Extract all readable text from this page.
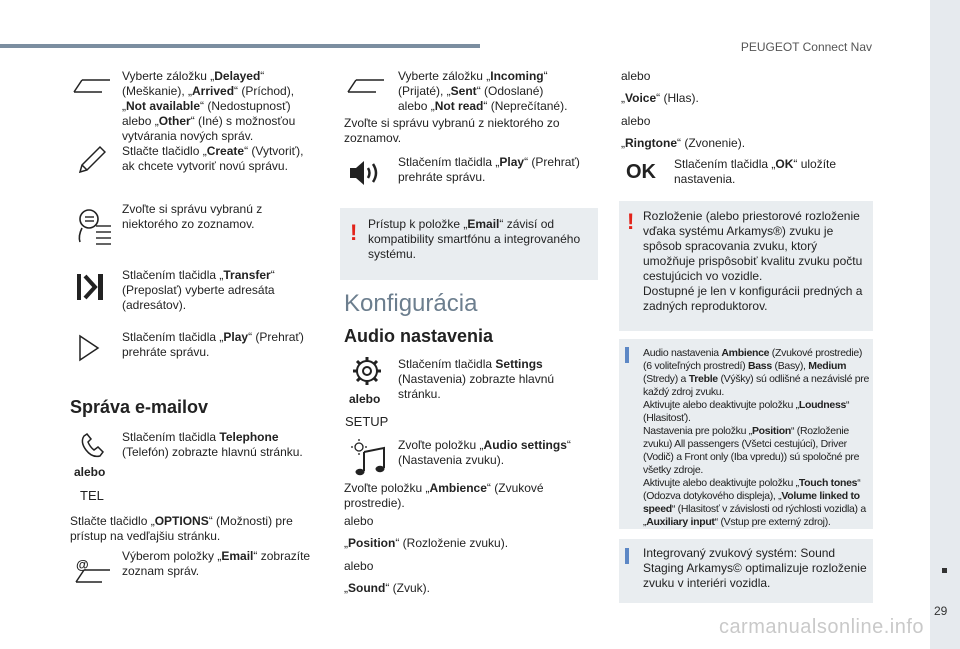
PEUGEOT Connect Nav
29
Vyberte záložku „Delayed“ (Meškanie), „Arrived“ (Príchod), „Not available“ (Nedostupnosť) alebo „Other“ (Iné) s možnosťou vytvárania nových správ.
Stlačte tlačidlo „Create“ (Vytvoriť), ak chcete vytvoriť novú správu.
Zvoľte si správu vybranú z niektorého zo zoznamov.
Stlačením tlačidla „Transfer“ (Preposlať) vyberte adresáta (adresátov).
Stlačením tlačidla „Play“ (Prehrať) prehráte správu.
Správa e-mailov
alebo
TEL
Stlačením tlačidla Telephone (Telefón) zobrazte hlavnú stránku.
Stlačte tlačidlo „OPTIONS“ (Možnosti) pre prístup na vedľajšiu stránku.
@
Výberom položky „Email“ zobrazíte zoznam správ.
Vyberte záložku „Incoming“ (Prijaté), „Sent“ (Odoslané) alebo „Not read“ (Neprečítané).
Zvoľte si správu vybranú z niektorého zo zoznamov.
Stlačením tlačidla „Play“ (Prehrať) prehráte správu.
! Prístup k položke „Email“ závisí od kompatibility smartfónu a integrovaného systému.
Konfigurácia
Audio nastavenia
alebo
SETUP
Stlačením tlačidla Settings (Nastavenia) zobrazte hlavnú stránku.
Zvoľte položku „Audio settings“ (Nastavenia zvuku).
Zvoľte položku „Ambience“ (Zvukové prostredie).
alebo
„Position“ (Rozloženie zvuku).
alebo
„Sound“ (Zvuk).
alebo
„Voice“ (Hlas).
alebo
„Ringtone“ (Zvonenie).
OK Stlačením tlačidla „OK“ uložíte nastavenia.
! Rozloženie (alebo priestorové rozloženie vďaka systému Arkamys®) zvuku je spôsob spracovania zvuku, ktorý umožňuje prispôsobiť kvalitu zvuku počtu cestujúcich vo vozidle.
Dostupné je len v konfigurácii predných a zadných reproduktorov.
Audio nastavenia Ambience (Zvukové prostredie) (6 voliteľných prostredí) Bass (Basy), Medium (Stredy) a Treble (Výšky) sú odlišné a nezávislé pre každý zdroj zvuku.
Aktivujte alebo deaktivujte položku „Loudness“ (Hlasitosť).
Nastavenia pre položku „Position“ (Rozloženie zvuku) All passengers (Všetci cestujúci), Driver (Vodič) a Front only (Iba vpredu)) sú spoločné pre všetky zdroje.
Aktivujte alebo deaktivujte položku „Touch tones“ (Odozva dotykového displeja), „Volume linked to speed“ (Hlasitosť v závislosti od rýchlosti vozidla) a „Auxiliary input“ (Vstup pre externý zdroj).
Integrovaný zvukový systém: Sound Staging Arkamys© optimalizuje rozloženie zvuku v interiéri vozidla.
carmanualsonline.info
